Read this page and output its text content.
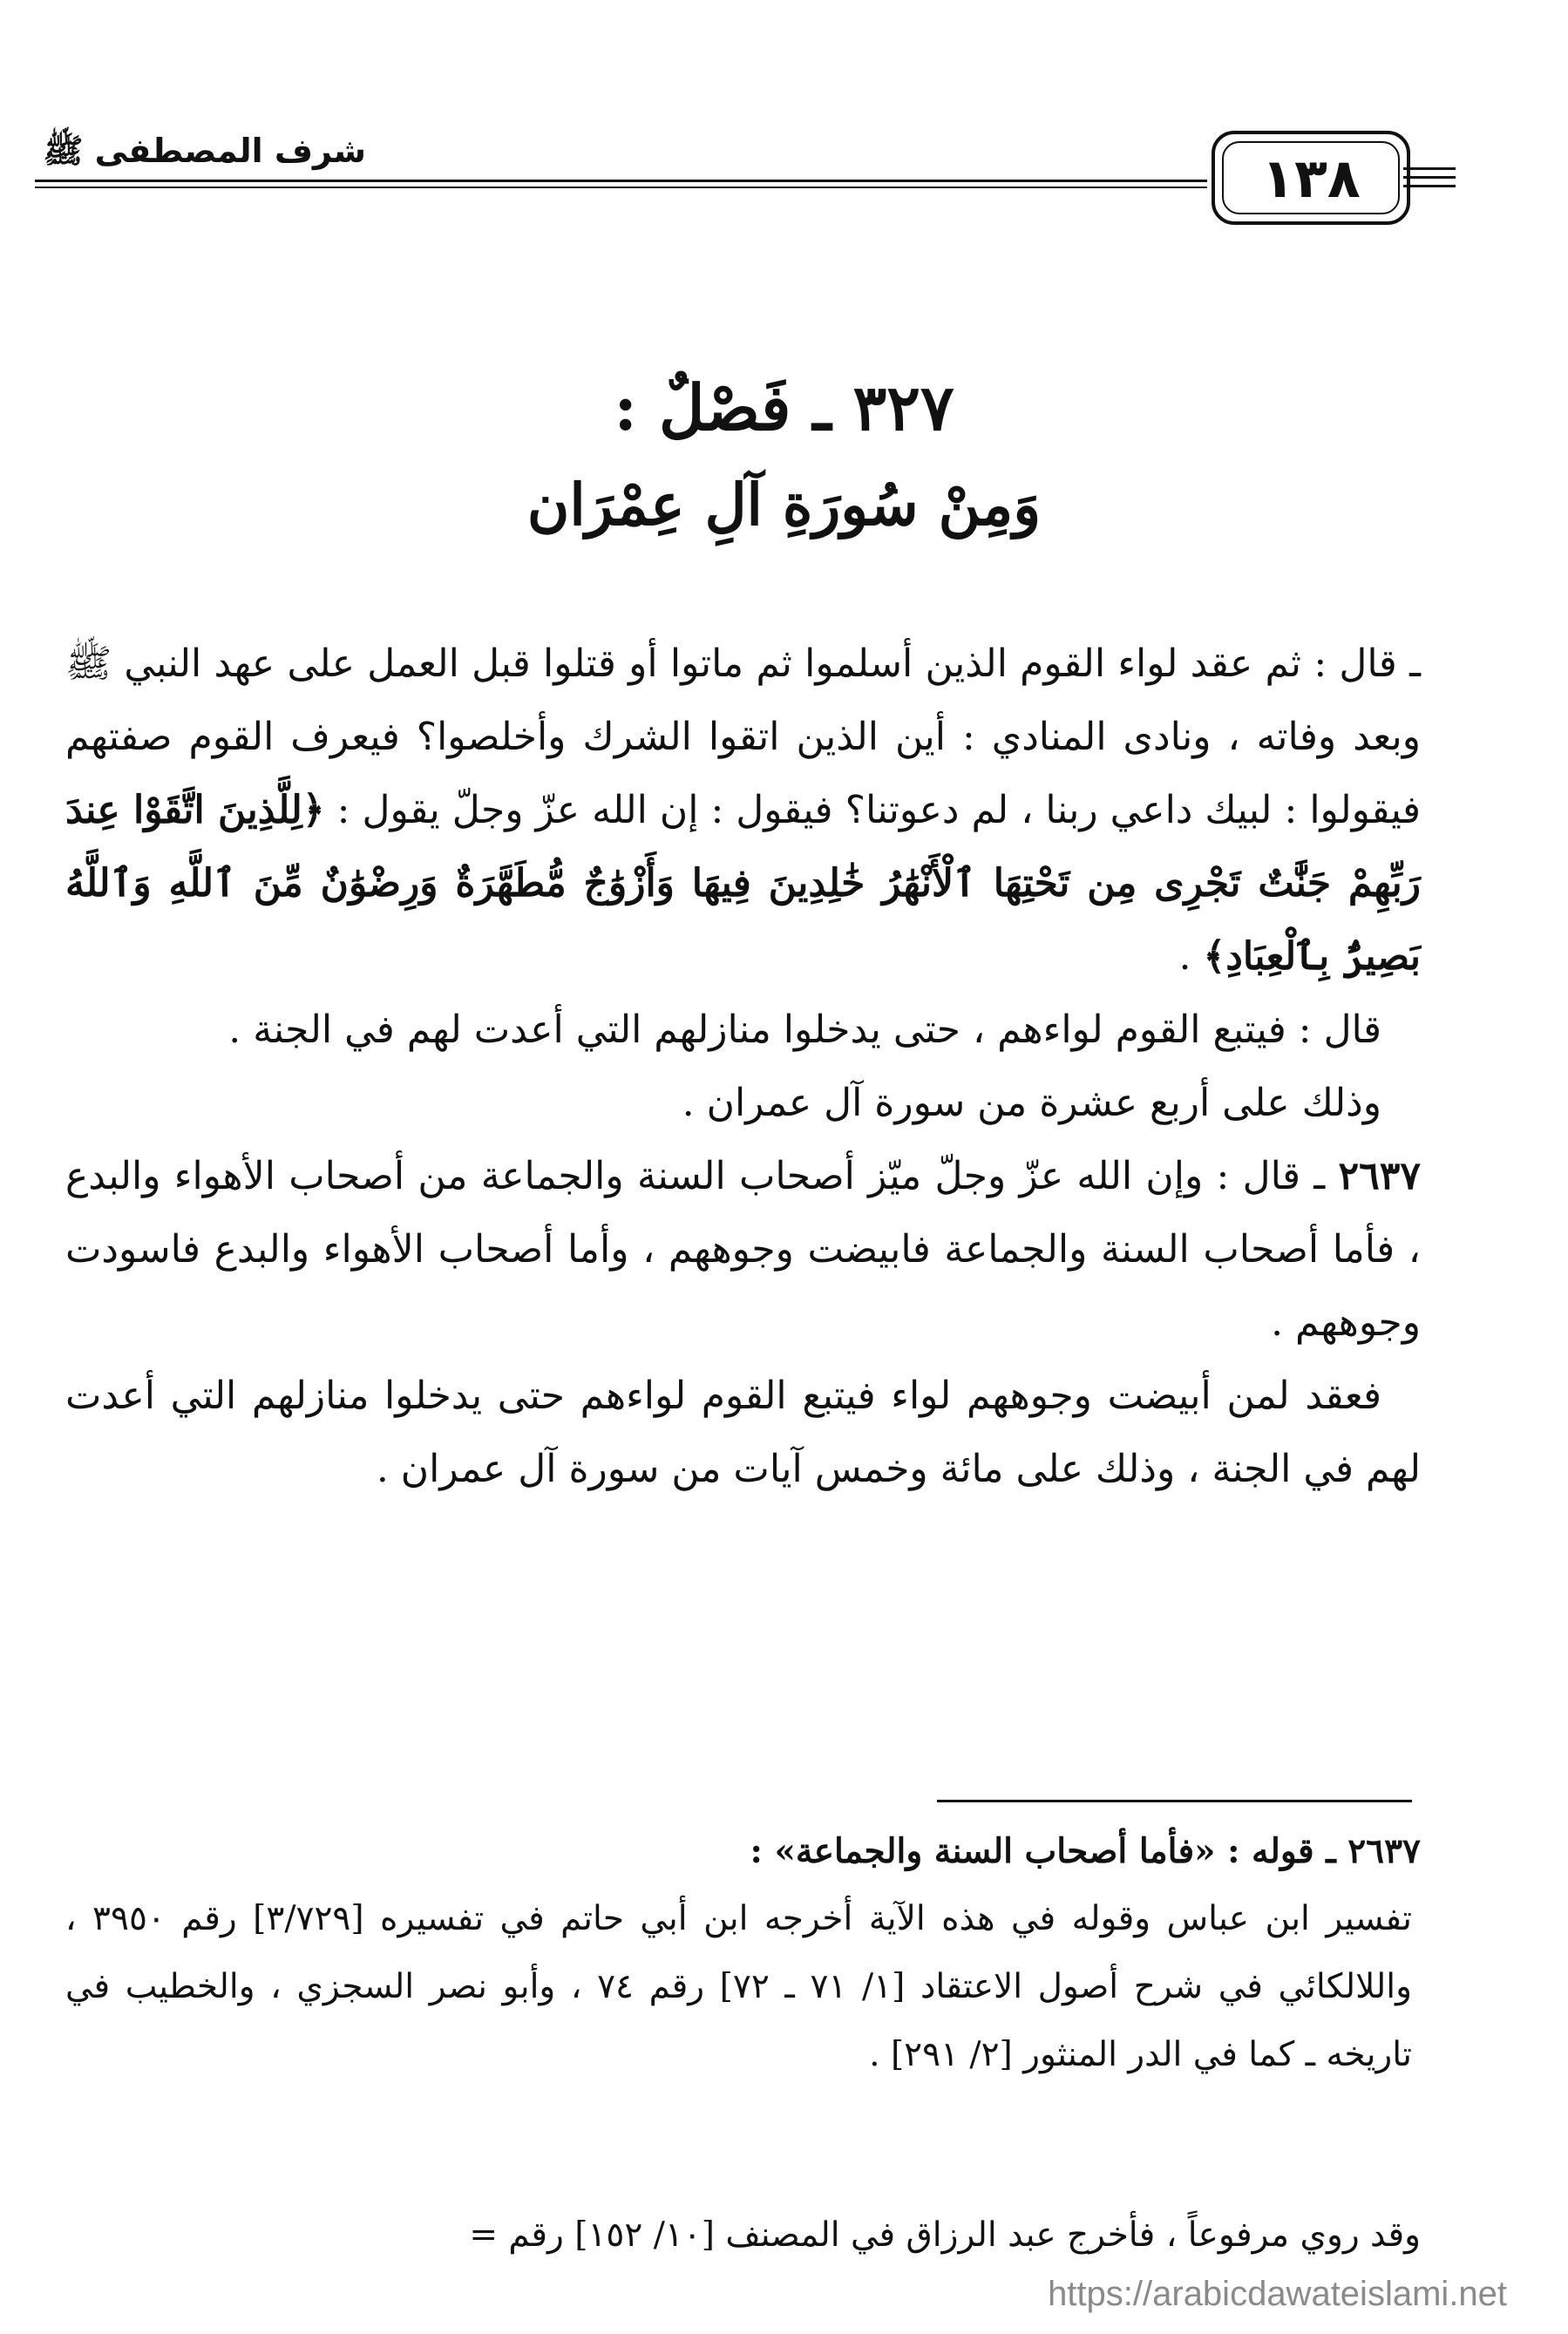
شرف المصطفى ﷺ	١٣٨
٣٢٧ ـ فَصْلٌ :
وَمِنْ سُورَةِ آلِ عِمْرَان

ـ قال : ثم عقد لواء القوم الذين أسلموا ثم ماتوا أو قتلوا قبل العمل على عهد النبي ﷺ وبعد وفاته ، ونادى المنادي : أين الذين اتقوا الشرك وأخلصوا؟ فيعرف القوم صفتهم فيقولوا : لبيك داعي ربنا ، لم دعوتنا؟ فيقول : إن الله عزّ وجلّ يقول : ﴿لِلَّذِينَ اتَّقَوْا عِندَ رَبِّهِمْ جَنَّٰتٌ تَجْرِى مِن تَحْتِهَا ٱلْأَنْهَٰرُ خَٰلِدِينَ فِيهَا وَأَزْوَٰجٌ مُّطَهَّرَةٌ وَرِضْوَٰنٌ مِّنَ ٱللَّهِ وَٱللَّهُ بَصِيرٌۢ بِٱلْعِبَادِ﴾ .

قال : فيتبع القوم لواءهم ، حتى يدخلوا منازلهم التي أعدت لهم في الجنة .

وذلك على أربع عشرة من سورة آل عمران .

٢٦٣٧ ـ قال : وإن الله عزّ وجلّ ميّز أصحاب السنة والجماعة من أصحاب الأهواء والبدع ، فأما أصحاب السنة والجماعة فابيضت وجوههم ، وأما أصحاب الأهواء والبدع فاسودت وجوههم .

فعقد لمن أبيضت وجوههم لواء فيتبع القوم لواءهم حتى يدخلوا منازلهم التي أعدت لهم في الجنة ، وذلك على مائة وخمس آيات من سورة آل عمران .

٢٦٣٧ ـ قوله : «فأما أصحاب السنة والجماعة» :

تفسير ابن عباس وقوله في هذه الآية أخرجه ابن أبي حاتم في تفسيره [٣/٧٢٩] رقم ٣٩٥٠ ، واللالكائي في شرح أصول الاعتقاد [١/ ٧١ ـ ٧٢] رقم ٧٤ ، وأبو نصر السجزي ، والخطيب في تاريخه ـ كما في الدر المنثور [٢/ ٢٩١] .

وقد روي مرفوعاً ، فأخرج عبد الرزاق في المصنف [١٠/ ١٥٢] رقم =
https://arabicdawateislami.net
